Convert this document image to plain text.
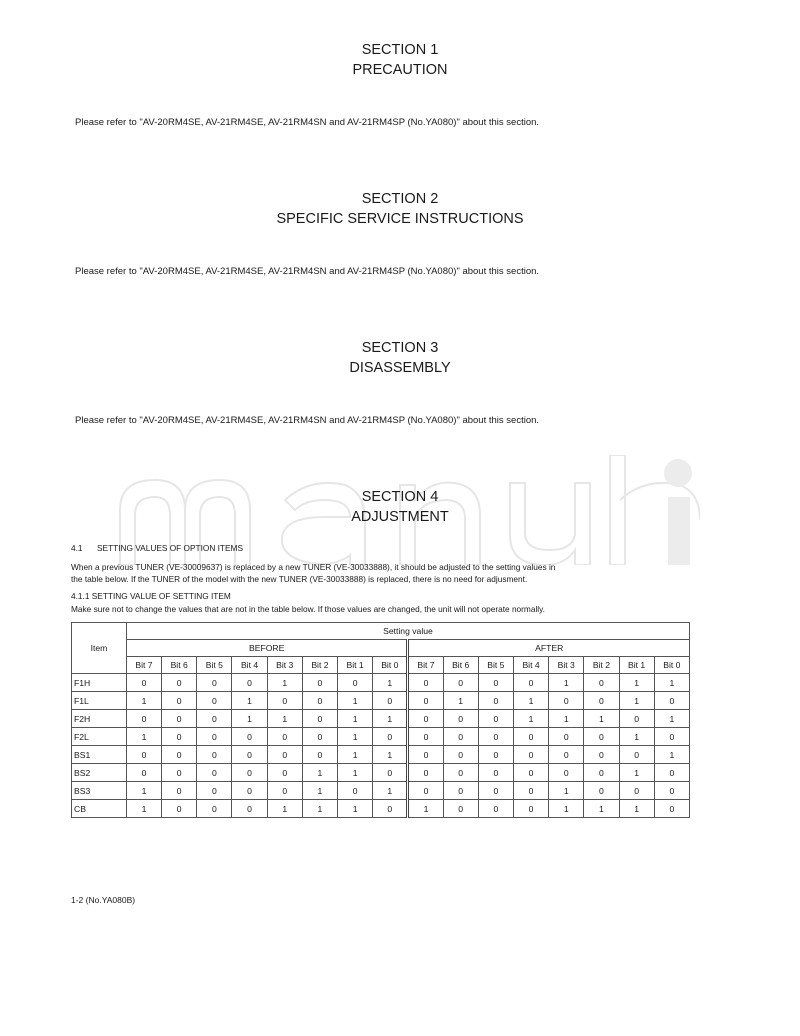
SECTION 1
PRECAUTION
Please refer to "AV-20RM4SE, AV-21RM4SE, AV-21RM4SN and AV-21RM4SP (No.YA080)" about this section.
SECTION 2
SPECIFIC SERVICE INSTRUCTIONS
Please refer to "AV-20RM4SE, AV-21RM4SE, AV-21RM4SN and AV-21RM4SP (No.YA080)" about this section.
SECTION 3
DISASSEMBLY
Please refer to "AV-20RM4SE, AV-21RM4SE, AV-21RM4SN and AV-21RM4SP (No.YA080)" about this section.
SECTION 4
ADJUSTMENT
4.1 SETTING VALUES OF OPTION ITEMS
When a previous TUNER (VE-30009637) is replaced by a new TUNER (VE-30033888), it should be adjusted to the setting values in
the table below. If the TUNER of the model with the new TUNER (VE-30033888) is replaced, there is no need for adjusment.
4.1.1 SETTING VALUE OF SETTING ITEM
Make sure not to change the values that are not in the table below. If those values are changed, the unit will not operate normally.
Item	Setting value															
	BEFORE								AFTER							
	Bit 7	Bit 6	Bit 5	Bit 4	Bit 3	Bit 2	Bit 1	Bit 0	Bit 7	Bit 6	Bit 5	Bit 4	Bit 3	Bit 2	Bit 1	Bit 0
F1H	0	0	0	0	1	0	0	1	0	0	0	0	1	0	1	1
F1L	1	0	0	1	0	0	1	0	0	1	0	1	0	0	1	0
F2H	0	0	0	1	1	0	1	1	0	0	0	1	1	1	0	1
F2L	1	0	0	0	0	0	1	0	0	0	0	0	0	0	1	0
BS1	0	0	0	0	0	0	1	1	0	0	0	0	0	0	0	1
BS2	0	0	0	0	0	1	1	0	0	0	0	0	0	0	1	0
BS3	1	0	0	0	0	1	0	1	0	0	0	0	1	0	0	0
CB	1	0	0	0	1	1	1	0	1	0	0	0	1	1	1	0
1-2 (No.YA080B)
